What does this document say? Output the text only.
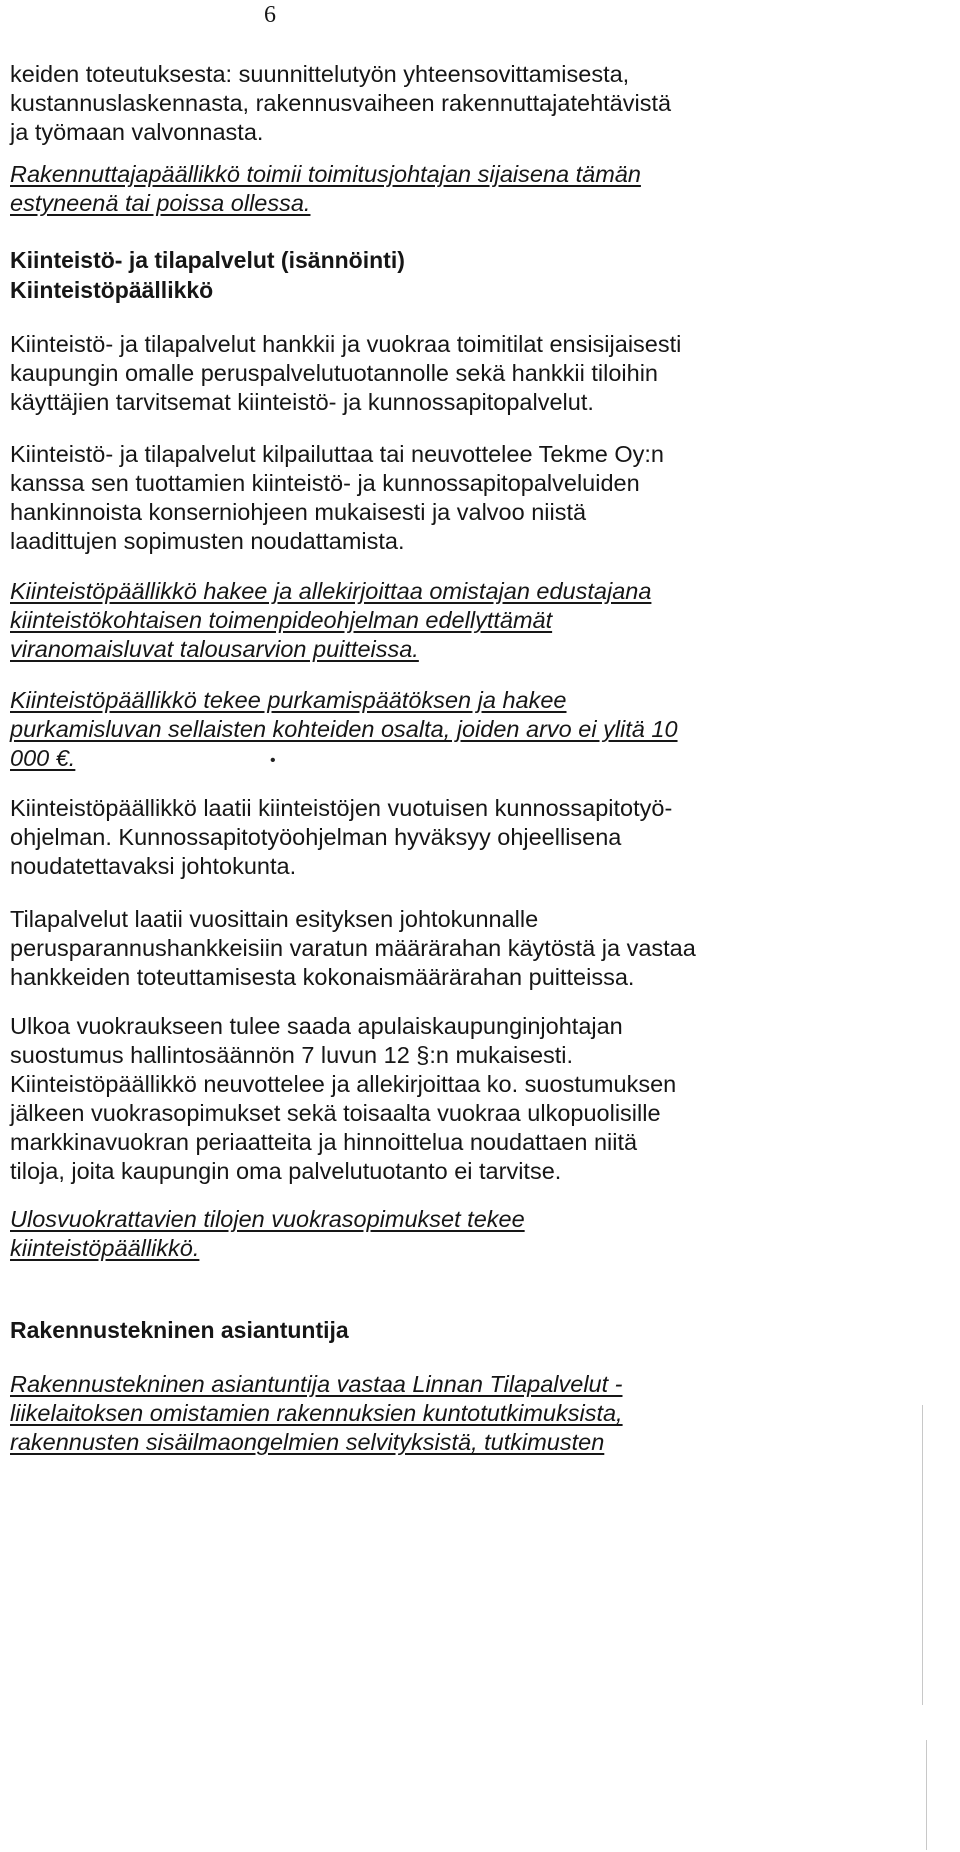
6
keiden toteutuksesta: suunnittelutyön yhteensovittamisesta,
kustannuslaskennasta, rakennusvaiheen rakennuttajatehtävistä
ja työmaan valvonnasta.
Rakennuttajapäällikkö toimii toimitusjohtajan sijaisena tämän
estyneenä tai poissa ollessa.
Kiinteistö- ja tilapalvelut (isännöinti)
Kiinteistöpäällikkö
Kiinteistö- ja tilapalvelut hankkii ja vuokraa toimitilat ensisijaisesti
kaupungin omalle peruspalvelutuotannolle sekä hankkii tiloihin
käyttäjien tarvitsemat kiinteistö- ja kunnossapitopalvelut.
Kiinteistö- ja tilapalvelut kilpailuttaa tai neuvottelee Tekme Oy:n
kanssa sen tuottamien kiinteistö- ja kunnossapitopalveluiden
hankinnoista konserniohjeen mukaisesti ja valvoo niistä
laadittujen sopimusten noudattamista.
Kiinteistöpäällikkö hakee ja allekirjoittaa omistajan edustajana
kiinteistökohtaisen toimenpideohjelman edellyttämät
viranomaisluvat talousarvion puitteissa.
Kiinteistöpäällikkö tekee purkamispäätöksen ja hakee
purkamisluvan sellaisten kohteiden osalta, joiden arvo ei ylitä 10
000 €.
Kiinteistöpäällikkö laatii kiinteistöjen vuotuisen kunnossapitotyö-
ohjelman. Kunnossapitotyöohjelman hyväksyy ohjeellisena
noudatettavaksi johtokunta.
Tilapalvelut laatii vuosittain esityksen johtokunnalle
perusparannushankkeisiin varatun määrärahan käytöstä ja vastaa
hankkeiden toteuttamisesta kokonaismäärärahan puitteissa.
Ulkoa vuokraukseen tulee saada apulaiskaupunginjohtajan
suostumus hallintosäännön 7 luvun 12 §:n mukaisesti.
Kiinteistöpäällikkö neuvottelee ja allekirjoittaa ko. suostumuksen
jälkeen vuokrasopimukset sekä toisaalta vuokraa ulkopuolisille
markkinavuokran periaatteita ja hinnoittelua noudattaen niitä
tiloja, joita kaupungin oma palvelutuotanto ei tarvitse.
Ulosvuokrattavien tilojen vuokrasopimukset tekee
kiinteistöpäällikkö.
Rakennustekninen asiantuntija
Rakennustekninen asiantuntija vastaa Linnan Tilapalvelut -
liikelaitoksen omistamien rakennuksien kuntotutkimuksista,
rakennusten sisäilmaongelmien selvityksistä, tutkimusten
•
